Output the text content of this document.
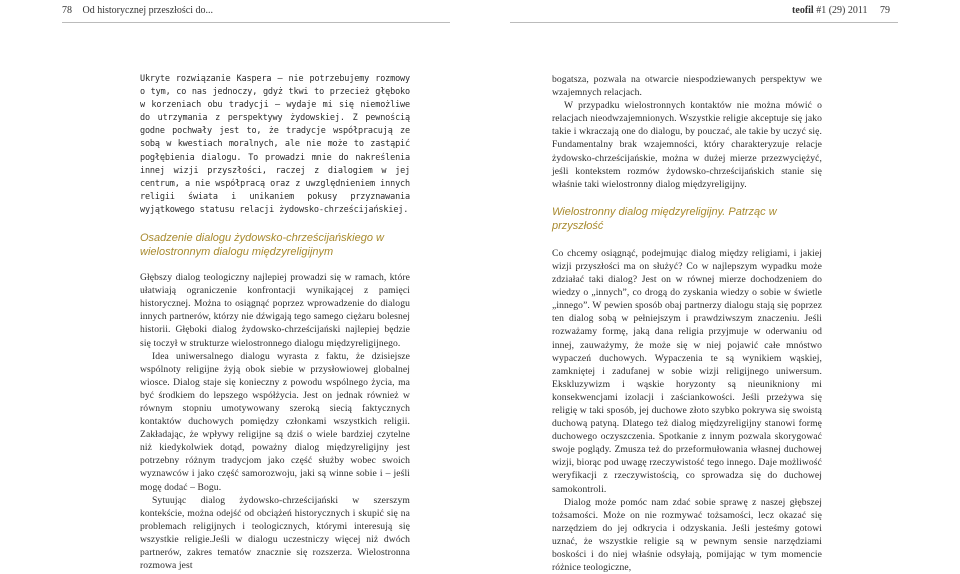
78 Od historycznej przeszłości do...

Ukryte rozwiązanie Kaspera – nie potrzebujemy rozmowy o tym, co nas jednoczy, gdyż tkwi to przecież głęboko w korzeniach obu tradycji – wydaje mi się niemożliwe do utrzymania z perspektywy żydowskiej. Z pewnością godne pochwały jest to, że tradycje współpracują ze sobą w kwestiach moralnych, ale nie może to zastąpić pogłębienia dialogu. To prowadzi mnie do nakreślenia innej wizji przyszłości, raczej z dialogiem w jej centrum, a nie współpracą oraz z uwzględnieniem innych religii świata i unikaniem pokusy przyznawania wyjątkowego statusu relacji żydowsko-chrześcijańskiej.

Osadzenie dialogu żydowsko-chrześcijańskiego w wielostronnym dialogu międzyreligijnym

Głębszy dialog teologiczny najlepiej prowadzi się w ramach, które ułatwiają ograniczenie konfrontacji wynikającej z pamięci historycznej. Można to osiągnąć poprzez wprowadzenie do dialogu innych partnerów, którzy nie dźwigają tego samego ciężaru bolesnej historii. Głęboki dialog żydowsko-chrześcijański najlepiej będzie się toczył w strukturze wielostronnego dialogu międzyreligijnego.

Idea uniwersalnego dialogu wyrasta z faktu, że dzisiejsze wspólnoty religijne żyją obok siebie w przysłowiowej globalnej wiosce. Dialog staje się konieczny z powodu wspólnego życia, ma być środkiem do lepszego współżycia. Jest on jednak również w równym stopniu umotywowany szeroką siecią faktycznych kontaktów duchowych pomiędzy członkami wszystkich religii. Zakładając, że wpływy religijne są dziś o wiele bardziej czytelne niż kiedykolwiek dotąd, poważny dialog międzyreligijny jest potrzebny różnym tradycjom jako część służby wobec swoich wyznawców i jako część samorozwoju, jaki są winne sobie i – jeśli mogę dodać – Bogu.

Sytuując dialog żydowsko-chrześcijański w szerszym kontekście, można odejść od obciążeń historycznych i skupić się na problemach religijnych i teologicznych, którymi interesują się wszystkie religie.Jeśli w dialogu uczestniczy więcej niż dwóch partnerów, zakres tematów znacznie się rozszerza. Wielostronna rozmowa jest

teofil #1 (29) 2011 79

bogatsza, pozwala na otwarcie niespodziewanych perspektyw we wzajemnych relacjach.

W przypadku wielostronnych kontaktów nie można mówić o relacjach nieodwzajemnionych. Wszystkie religie akceptuje się jako takie i wkraczają one do dialogu, by pouczać, ale takie by uczyć się. Fundamentalny brak wzajemności, który charakteryzuje relacje żydowsko-chrześcijańskie, można w dużej mierze przezwyciężyć, jeśli kontekstem rozmów żydowsko-chrześcijańskich stanie się właśnie taki wielostronny dialog międzyreligijny.

Wielostronny dialog międzyreligijny. Patrząc w przyszłość

Co chcemy osiągnąć, podejmując dialog między religiami, i jakiej wizji przyszłości ma on służyć? Co w najlepszym wypadku może zdziałać taki dialog? Jest on w równej mierze dochodzeniem do wiedzy o „innych”, co drogą do zyskania wiedzy o sobie w świetle „innego”. W pewien sposób obaj partnerzy dialogu stają się poprzez ten dialog sobą w pełniejszym i prawdziwszym znaczeniu. Jeśli rozważamy formę, jaką dana religia przyjmuje w oderwaniu od innej, zauważymy, że może się w niej pojawić całe mnóstwo wypaczeń duchowych. Wypaczenia te są wynikiem wąskiej, zamkniętej i zadufanej w sobie wizji religijnego uniwersum. Ekskluzywizm i wąskie horyzonty są nieunikniony mi konsekwencjami izolacji i zaściankowości. Jeśli przeżywa się religię w taki sposób, jej duchowe złoto szybko pokrywa się swoistą duchową patyną. Dlatego też dialog międzyreligijny stanowi formę duchowego oczyszczenia. Spotkanie z innym pozwala skorygować swoje poglądy. Zmusza też do przeformułowania własnej duchowej wizji, biorąc pod uwagę rzeczywistość tego innego. Daje możliwość weryfikacji z rzeczywistością, co sprowadza się do duchowej samokontroli.

Dialog może pomóc nam zdać sobie sprawę z naszej głębszej tożsamości. Może on nie rozmywać tożsamości, lecz okazać się narzędziem do jej odkrycia i odzyskania. Jeśli jesteśmy gotowi uznać, że wszystkie religie są w pewnym sensie narzędziami boskości i do niej właśnie odsyłają, pomijając w tym momencie różnice teologiczne,
